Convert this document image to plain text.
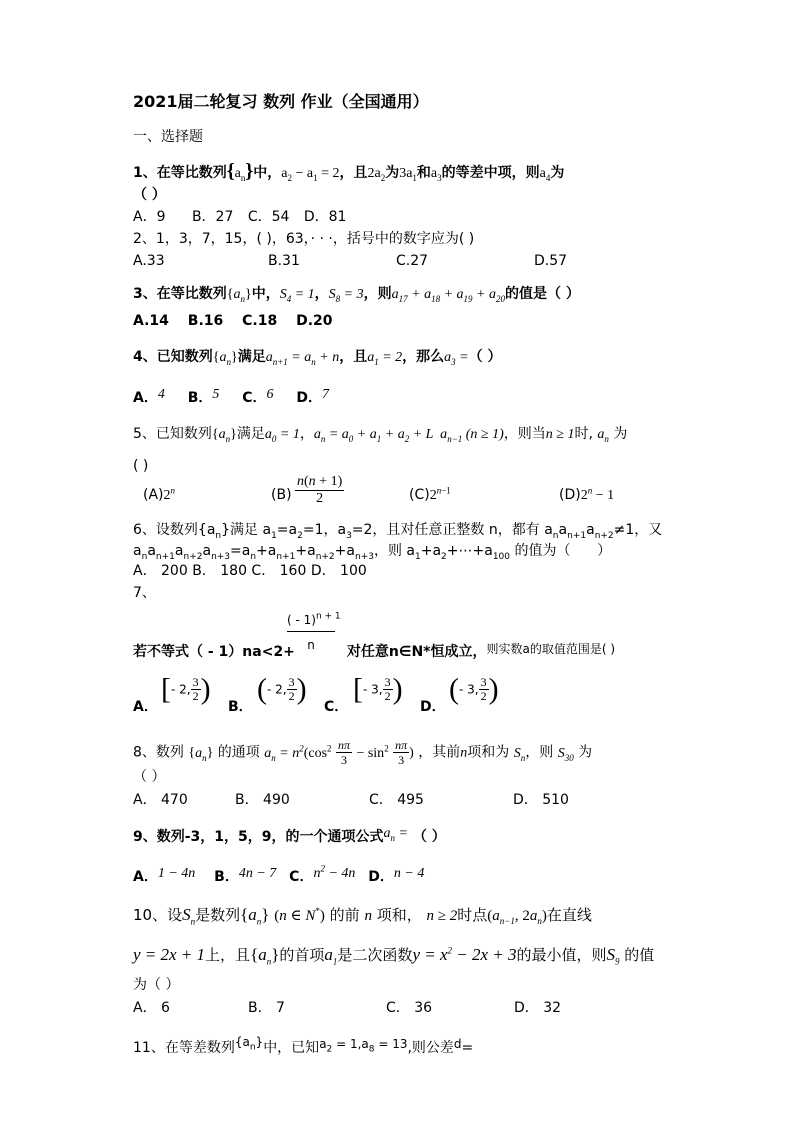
2021届二轮复习 数列 作业（全国通用）
一、选择题
1、在等比数列$\{a_n\}$中，$a_2 - a_1 = 2$，且$2a_2$为$3a_1$和$a_3$的等差中项，则$a_4$为
（ ）
A．9 B．27 C．54 D．81
2、1，3，7，15，( )，63，· · ·，括号中的数字应为( )
A.33	B.31	C.27	D.57
3、在等比数列$\{a_n\}$中，$S_4 = 1$，$S_8 = 3$，则$a_{17} + a_{18} + a_{19} + a_{20}$的值是（ ）
A.14 B.16 C.18 D.20
4、已知数列$\{a_n\}$满足$a_{n+1} = a_n + n$，且$a_1 = 2$，那么$a_3$ =（ ）
A．4 B．5 C．6 D．7
5、已知数列$\{a_n\}$满足$a_0 = 1$，$a_n = a_0 + a_1 + a_2 + L$  $a_{n-1}$ (n ≥ 1)，则当n ≥ 1时, $a_n$ 为
( )
(A)2$^n$	$(B) \frac{n(n + 1)}{2}$	$(C)2^{n-1}$	$(D)2^n - 1$
6、设数列$\{a_n\}$满足 $a_1=a_2=1$，$a_3=2$，且对任意正整数 n，都有 $a_na_{n+1}a_{n+2}\ne 1$，又
$a_na_{n+1}a_{n+2}a_{n+3}=a_n+a_{n+1}+a_{n+2}+a_{n+3}$，则 $a_1+a_2+\cdots+a_{100}$ 的值为（      ）
A． 200 B． 180 C． 160 D． 100
7、
( - 1)$^{n + 1}$
n
若不等式（ - 1）na<2+	对任意n∈N*恒成立，则实数a的取值范围是( )
A．
[- 2, $\frac{3}{2}$ )
B．
(- 2, $\frac{3}{2}$ )
C．
[- 3, $\frac{3}{2}$ )
D．
(- 3, $\frac{3}{2}$ )
8、数列 $\{a_n\}$ 的通项 $a_n = n^2(\cos^2 \frac{n\pi}{3} - \sin^2 \frac{n\pi}{3}$ ) ，其前n项和为 $S_n$，则 $S_{30}$ 为
（ ）
A． 470	B． 490	C． 495	D． 510
9、数列-3，1，5，9，的一个通项公式$a_n$ = （ ）
A．1 − 4n B．4n − 7 C．$n^2 - 4n$ D．n − 4
10、设$S_n$是数列$\{a_n\}$ (n ∈ N*) 的前 n 项和， n ≥ 2时点($a_{n-1}$, $2a_n$)在直线
y = 2x + 1上，且$\{a_n\}$的首项$a_1$是二次函数$y = x^2 - 2x + 3$的最小值，则$S_9$ 的值
为（ ）
A． 6	B． 7	C． 36	D． 32
11、在等差数列$\{a_n\}$中，已知$a_2 = 1,a_8 = 13$,则公差d=
